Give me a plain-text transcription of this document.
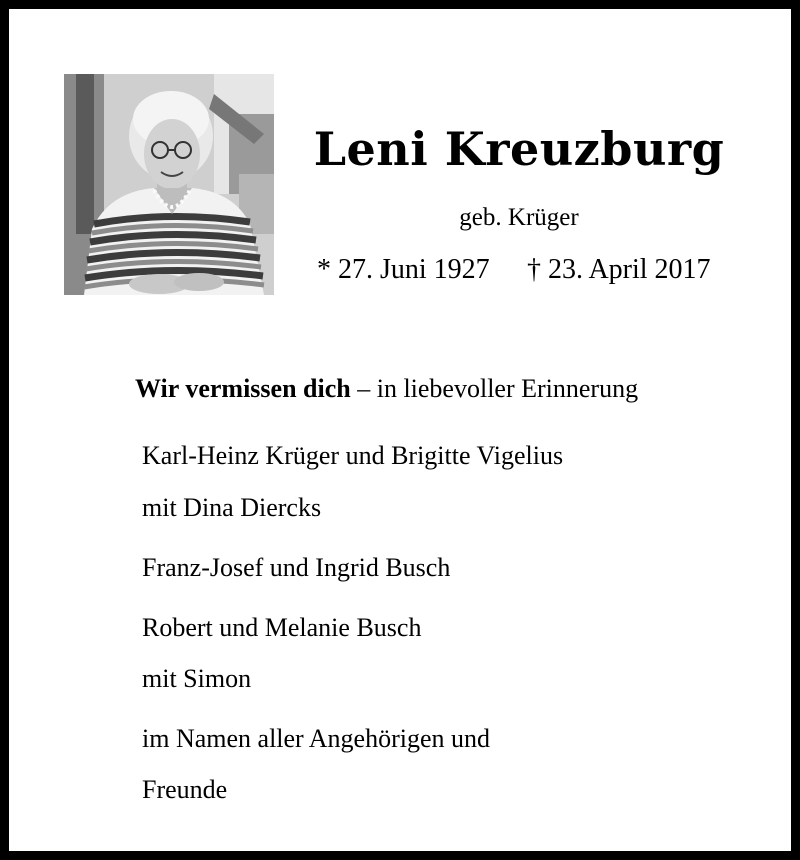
Leni Kreuzburg
geb. Krüger
* 27. Juni 1927 † 23. April 2017
Wir vermissen dich – in liebevoller Erinnerung
Karl-Heinz Krüger und Brigitte Vigelius
mit Dina Diercks
Franz-Josef und Ingrid Busch
Robert und Melanie Busch
mit Simon
im Namen aller Angehörigen und
Freunde
